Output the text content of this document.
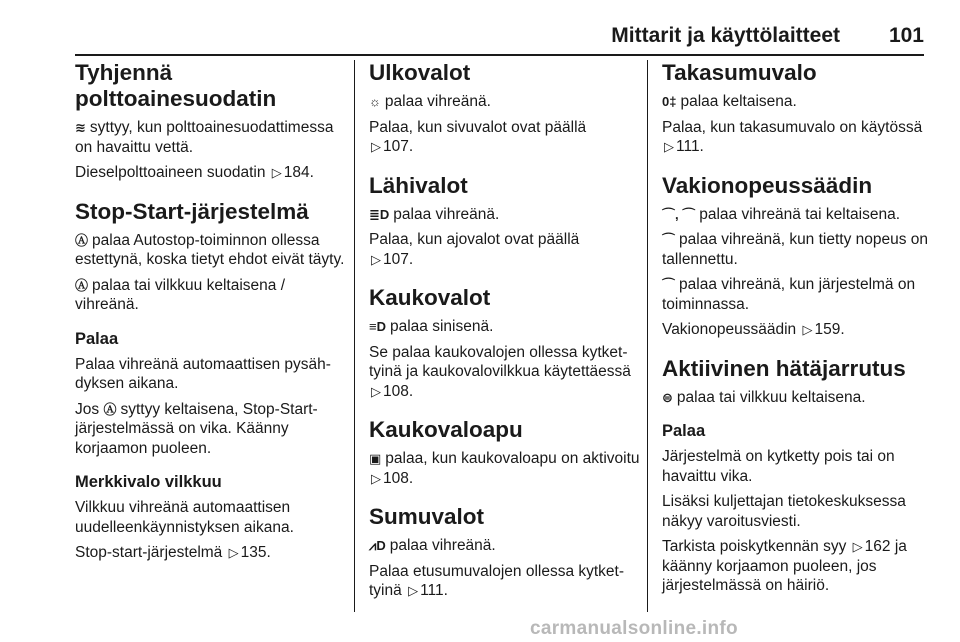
Mittarit ja käyttölaitteet 101
Tyhjennä polttoainesuodatin

≋ syttyy, kun polttoainesuodattimessa on havaittu vettä.

Dieselpolttoaineen suodatin ▷ 184.

Stop-Start-järjestelmä

Ⓐ palaa Autostop-toiminnon ollessa estettynä, koska tietyt ehdot eivät täyty.

Ⓐ palaa tai vilkkuu keltaisena / vihreänä.

Palaa

Palaa vihreänä automaattisen pysähdyksen aikana.

Jos Ⓐ syttyy keltaisena, Stop-Start-järjestelmässä on vika. Käänny korjaamon puoleen.

Merkkivalo vilkkuu

Vilkkuu vihreänä automaattisen uudelleenkäynnistyksen aikana.

Stop-start-järjestelmä ▷ 135.

Ulkovalot

☼ palaa vihreänä.

Palaa, kun sivuvalot ovat päällä
▷ 107.

Lähivalot

≣D palaa vihreänä.

Palaa, kun ajovalot ovat päällä
▷ 107.

Kaukovalot

≡D palaa sinisenä.

Se palaa kaukovalojen ollessa kytkettyinä ja kaukovalovilkkua käytettäessä ▷ 108.

Kaukovaloapu

▣ palaa, kun kaukovaloapu on aktivoitu ▷ 108.

Sumuvalot

⩘D palaa vihreänä.

Palaa etusumuvalojen ollessa kytkettyinä ▷ 111.

Takasumuvalo

0‡ palaa keltaisena.

Palaa, kun takasumuvalo on käytössä ▷ 111.

Vakionopeussäädin

⌒, ⌒ palaa vihreänä tai keltaisena.

⌒ palaa vihreänä, kun tietty nopeus on tallennettu.

⌒ palaa vihreänä, kun järjestelmä on toiminnassa.

Vakionopeussäädin ▷ 159.

Aktiivinen hätäjarrutus

⊜ palaa tai vilkkuu keltaisena.

Palaa

Järjestelmä on kytketty pois tai on havaittu vika.

Lisäksi kuljettajan tietokeskuksessa näkyy varoitusviesti.

Tarkista poiskytkennän syy ▷ 162 ja käänny korjaamon puoleen, jos järjestelmässä on häiriö.

carmanualsonline.info
